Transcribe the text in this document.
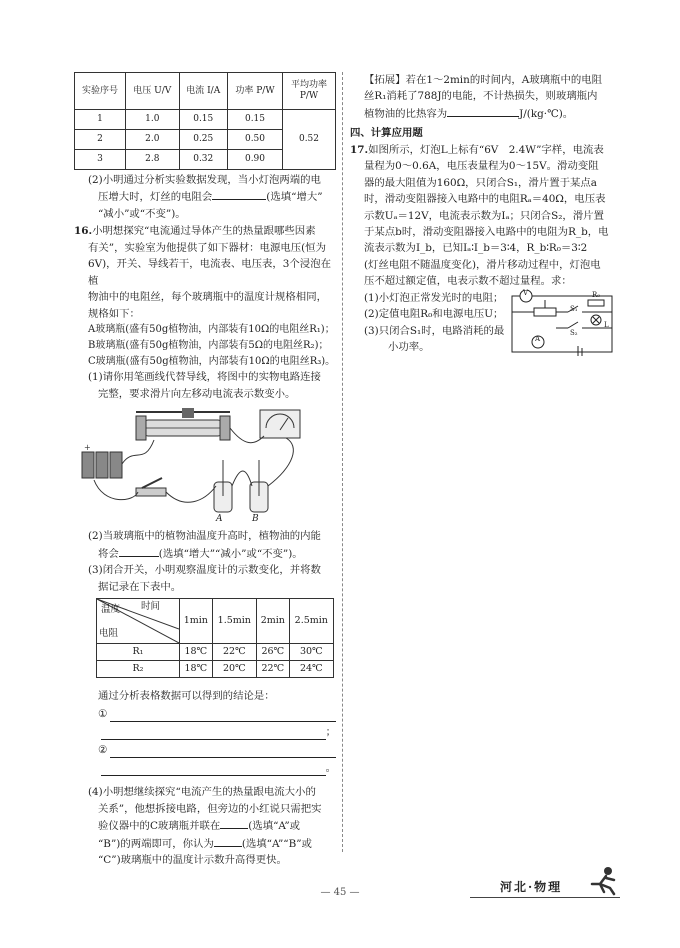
实验序号	电压 U/V	电流 I/A	功率 P/W	平均功率 P/W
1	1.0	0.15	0.15	0.52
2	2.0	0.25	0.50	
3	2.8	0.32	0.90	

(2)小明通过分析实验数据发现，当小灯泡两端的电

压增大时，灯丝的电阻会	(选填“增大”

“减小”或“不变”)。

16.小明想探究“电流通过导体产生的热量跟哪些因素

有关”，实验室为他提供了如下器材：电源电压(恒为

6V)，开关、导线若干，电流表、电压表，3个浸泡在植

物油中的电阻丝，每个玻璃瓶中的温度计规格相同，

规格如下：

A玻璃瓶(盛有50g植物油，内部装有10Ω的电阻丝R₁)；

B玻璃瓶(盛有50g植物油，内部装有5Ω的电阻丝R₂)；

C玻璃瓶(盛有50g植物油，内部装有10Ω的电阻丝R₃)。

(1)请你用笔画线代替导线，将图中的实物电路连接

完整，要求滑片向左移动电流表示数变小。

+
A	B

(2)当玻璃瓶中的植物油温度升高时，植物油的内能

将会	(选填“增大”“减小”或“不变”)。

(3)闭合开关，小明观察温度计的示数变化，并将数

据记录在下表中。

时间
温度
电阻	1min	1.5min	2min	2.5min
R₁	18℃	22℃	26℃	30℃
R₂	18℃	20℃	22℃	24℃

通过分析表格数据可以得到的结论是：

①
；
②
。

(4)小明想继续探究“电流产生的热量跟电流大小的

关系”，他想拆接电路，但旁边的小红说只需把实

验仪器中的C玻璃瓶并联在	(选填“A”或

“B”)的两端即可，你认为	(选填“A”“B”或

“C”)玻璃瓶中的温度计示数升高得更快。

【拓展】若在1～2min的时间内，A玻璃瓶中的电阻

丝R₁消耗了788J的电能，不计热损失，则玻璃瓶内

植物油的比热容为	J/(kg·℃)。

四、计算应用题

17.如图所示，灯泡L上标有“6V　2.4W”字样，电流表

量程为0～0.6A，电压表量程为0～15V。滑动变阻

器的最大阻值为160Ω，只闭合S₁，滑片置于某点a

时，滑动变阻器接入电路中的电阻Rₐ＝40Ω，电压表

示数Uₐ＝12V，电流表示数为Iₐ；只闭合S₂，滑片置

于某点b时，滑动变阻器接入电路中的电阻为R_b，电

流表示数为I_b，已知Iₐ∶I_b＝3∶4，R_b∶R₀＝3∶2

(灯丝电阻不随温度变化)，滑片移动过程中，灯泡电

压不超过额定值，电表示数不超过量程。求：

(1)小灯泡正常发光时的电阻；

(2)定值电阻R₀和电源电压U；

(3)只闭合S₁时，电路消耗的最

小功率。

V
A
S₁
S₂
R₀
L
— 45 —	河北·物理
